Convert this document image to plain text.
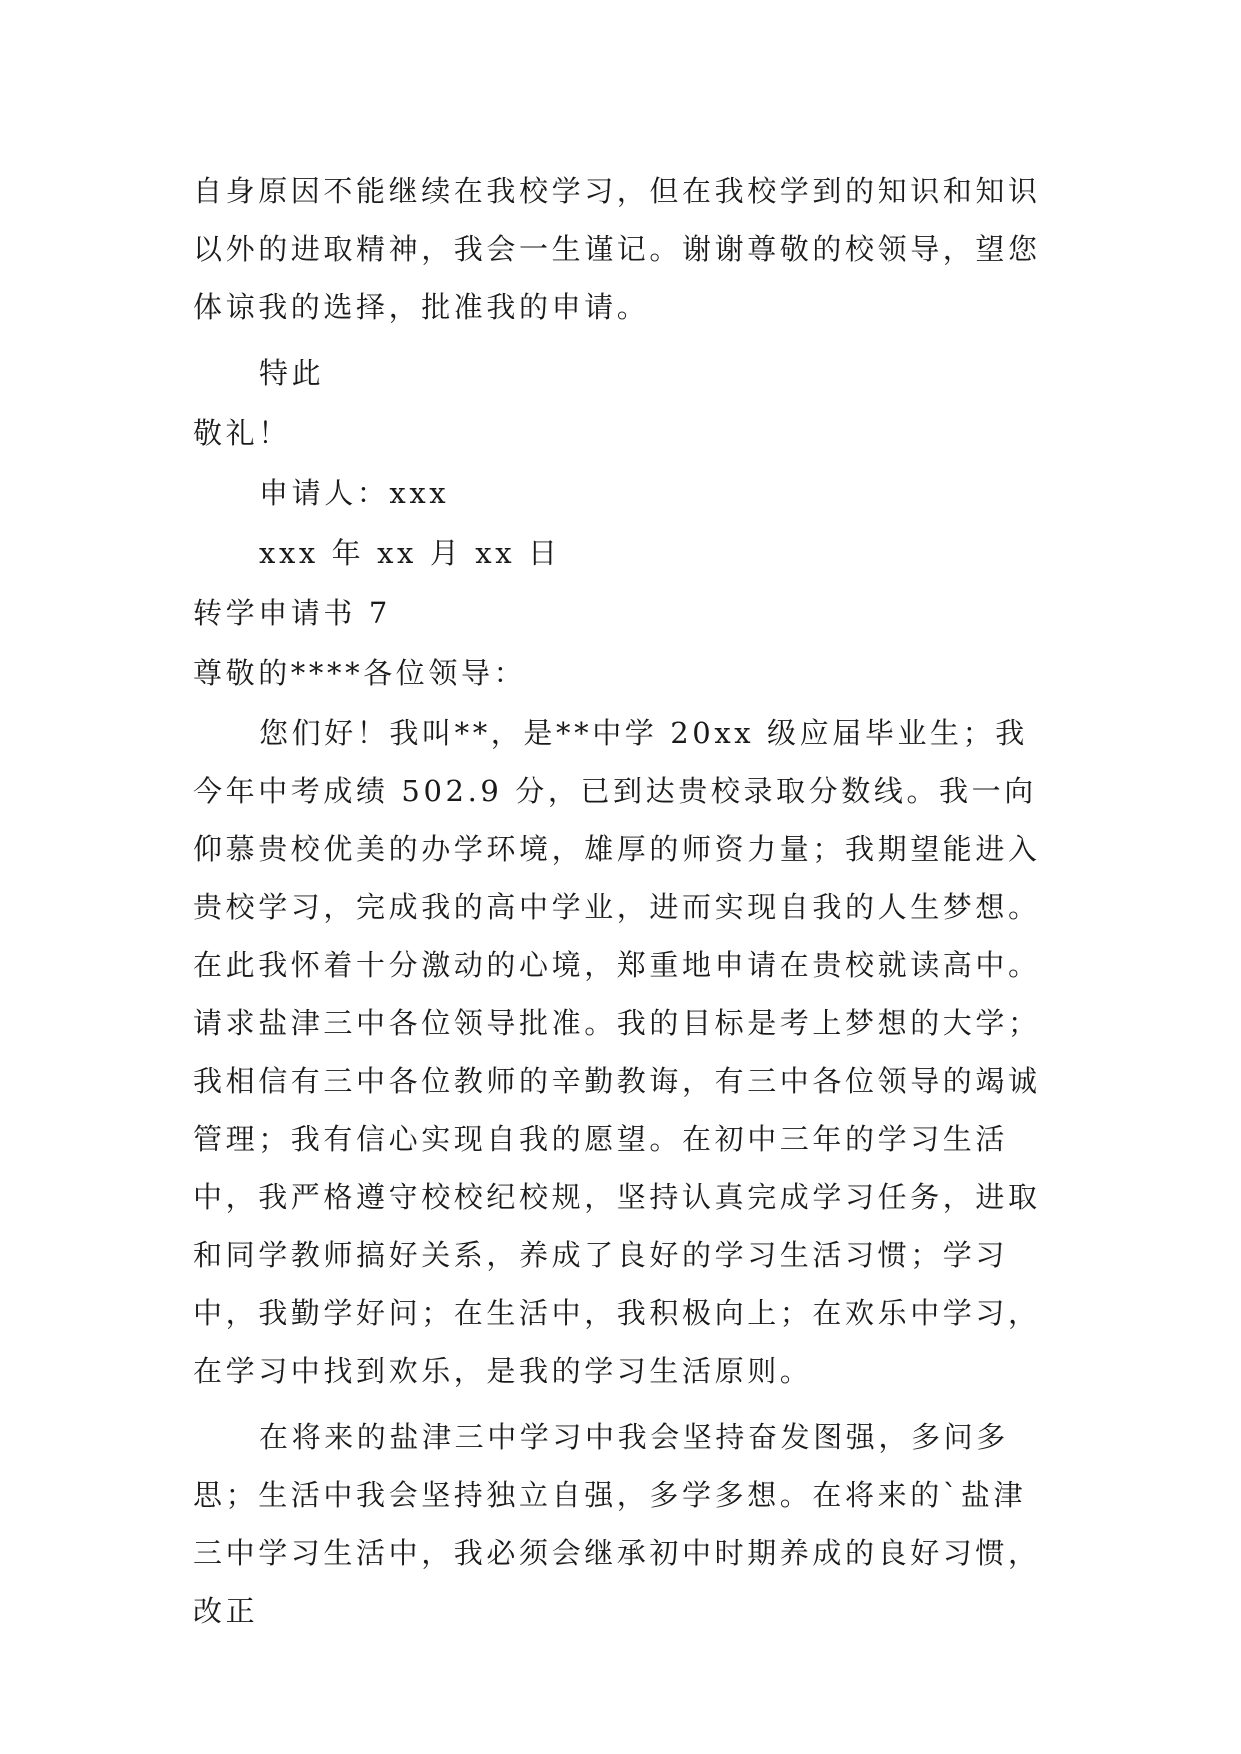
自身原因不能继续在我校学习，但在我校学到的知识和知识以外的进取精神，我会一生谨记。谢谢尊敬的校领导，望您体谅我的选择，批准我的申请。

特此

敬礼！

申请人：xxx

xxx 年 xx 月 xx 日

转学申请书 7

尊敬的****各位领导：

您们好！我叫**，是**中学 20xx 级应届毕业生；我今年中考成绩 502.9 分，已到达贵校录取分数线。我一向仰慕贵校优美的办学环境，雄厚的师资力量；我期望能进入贵校学习，完成我的高中学业，进而实现自我的人生梦想。在此我怀着十分激动的心境，郑重地申请在贵校就读高中。请求盐津三中各位领导批准。我的目标是考上梦想的大学；我相信有三中各位教师的辛勤教诲，有三中各位领导的竭诚管理；我有信心实现自我的愿望。在初中三年的学习生活中，我严格遵守校校纪校规，坚持认真完成学习任务，进取和同学教师搞好关系，养成了良好的学习生活习惯；学习中，我勤学好问；在生活中，我积极向上；在欢乐中学习，在学习中找到欢乐，是我的学习生活原则。

在将来的盐津三中学习中我会坚持奋发图强，多问多思；生活中我会坚持独立自强，多学多想。在将来的`盐津三中学习生活中，我必须会继承初中时期养成的良好习惯，改正
